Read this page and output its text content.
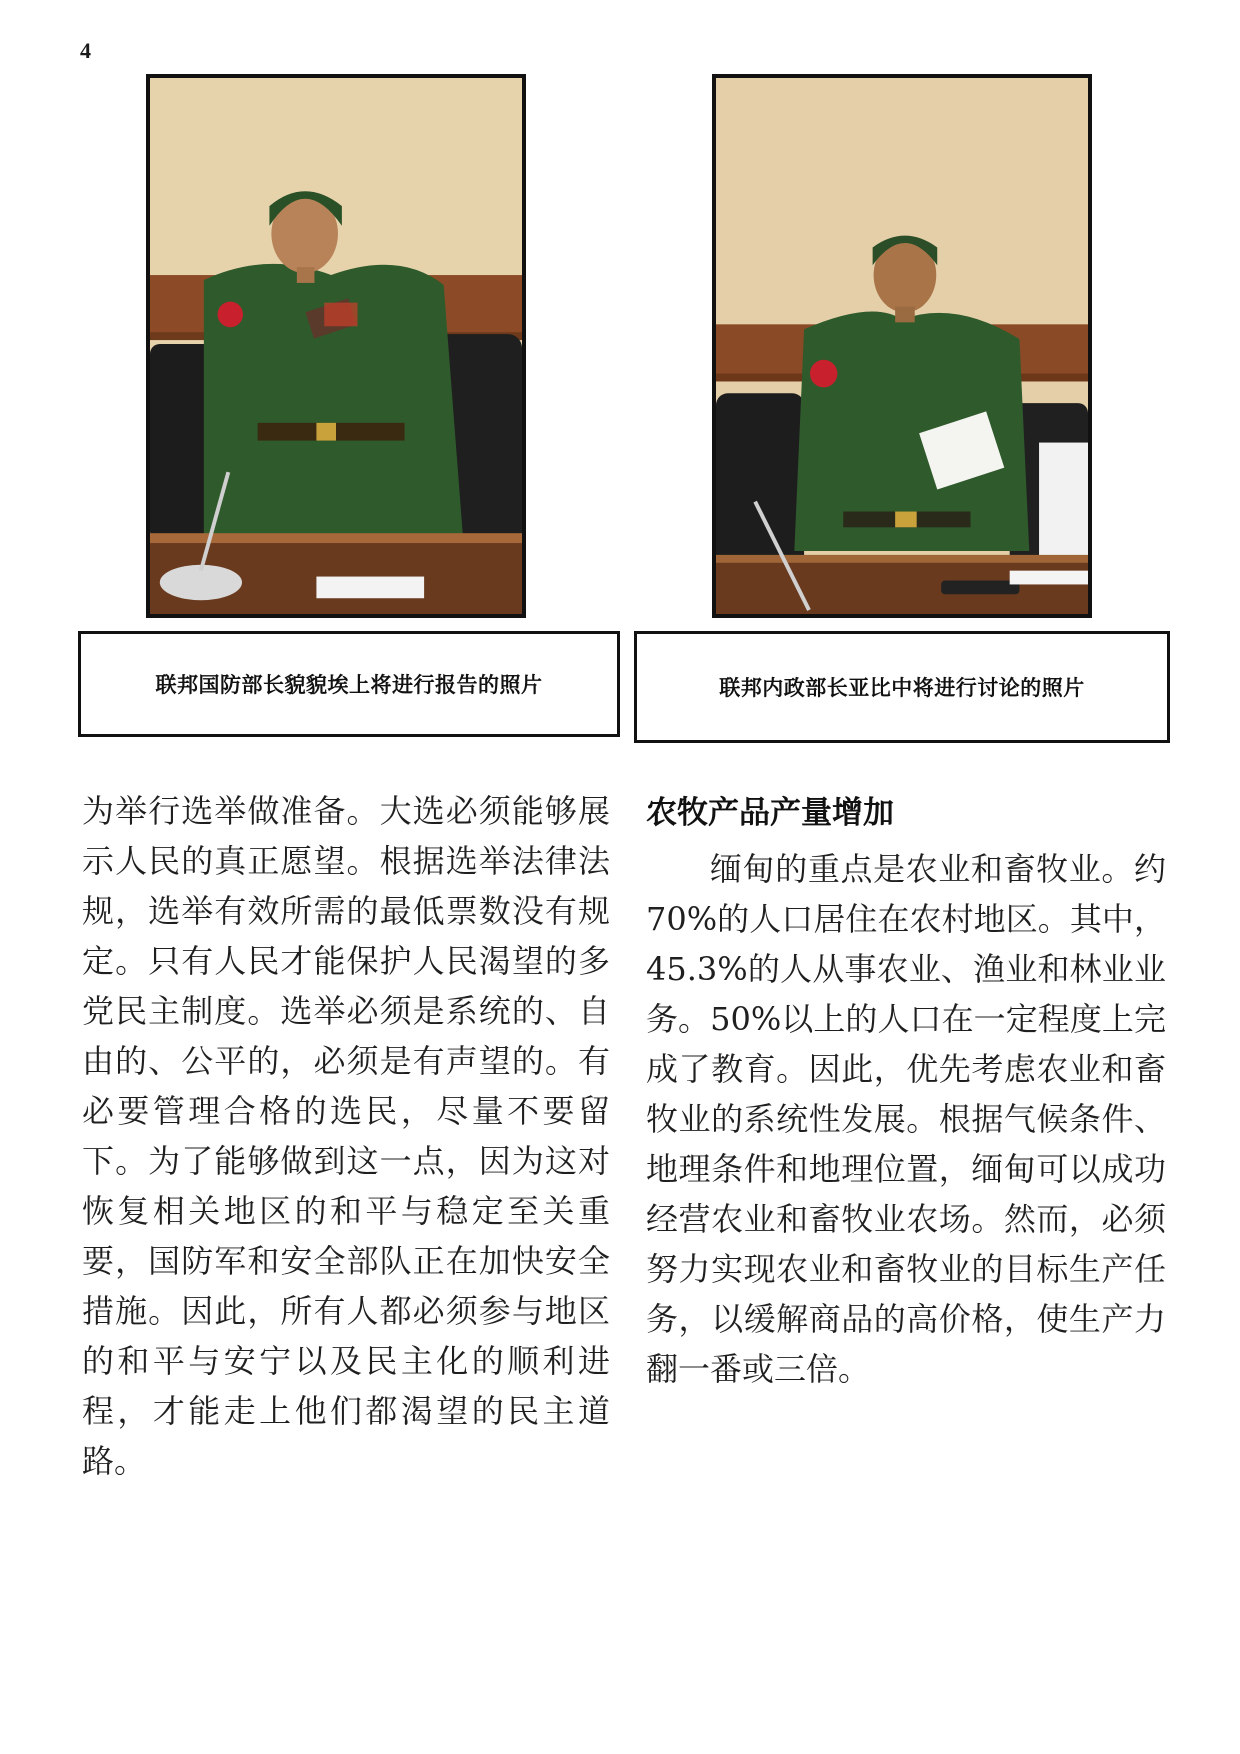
4
联邦国防部长貌貌埃上将进行报告的照片	联邦内政部长亚比中将进行讨论的照片

为举行选举做准备。大选必须能够展示人民的真正愿望。根据选举法律法规，选举有效所需的最低票数没有规定。只有人民才能保护人民渴望的多党民主制度。选举必须是系统的、自由的、公平的，必须是有声望的。有必要管理合格的选民，尽量不要留下。为了能够做到这一点，因为这对恢复相关地区的和平与稳定至关重要，国防军和安全部队正在加快安全措施。因此，所有人都必须参与地区的和平与安宁以及民主化的顺利进程，才能走上他们都渴望的民主道路。

农牧产品产量增加

缅甸的重点是农业和畜牧业。约70%的人口居住在农村地区。其中，45.3%的人从事农业、渔业和林业业务。50%以上的人口在一定程度上完成了教育。因此，优先考虑农业和畜牧业的系统性发展。根据气候条件、地理条件和地理位置，缅甸可以成功经营农业和畜牧业农场。然而，必须努力实现农业和畜牧业的目标生产任务，以缓解商品的高价格，使生产力翻一番或三倍。
